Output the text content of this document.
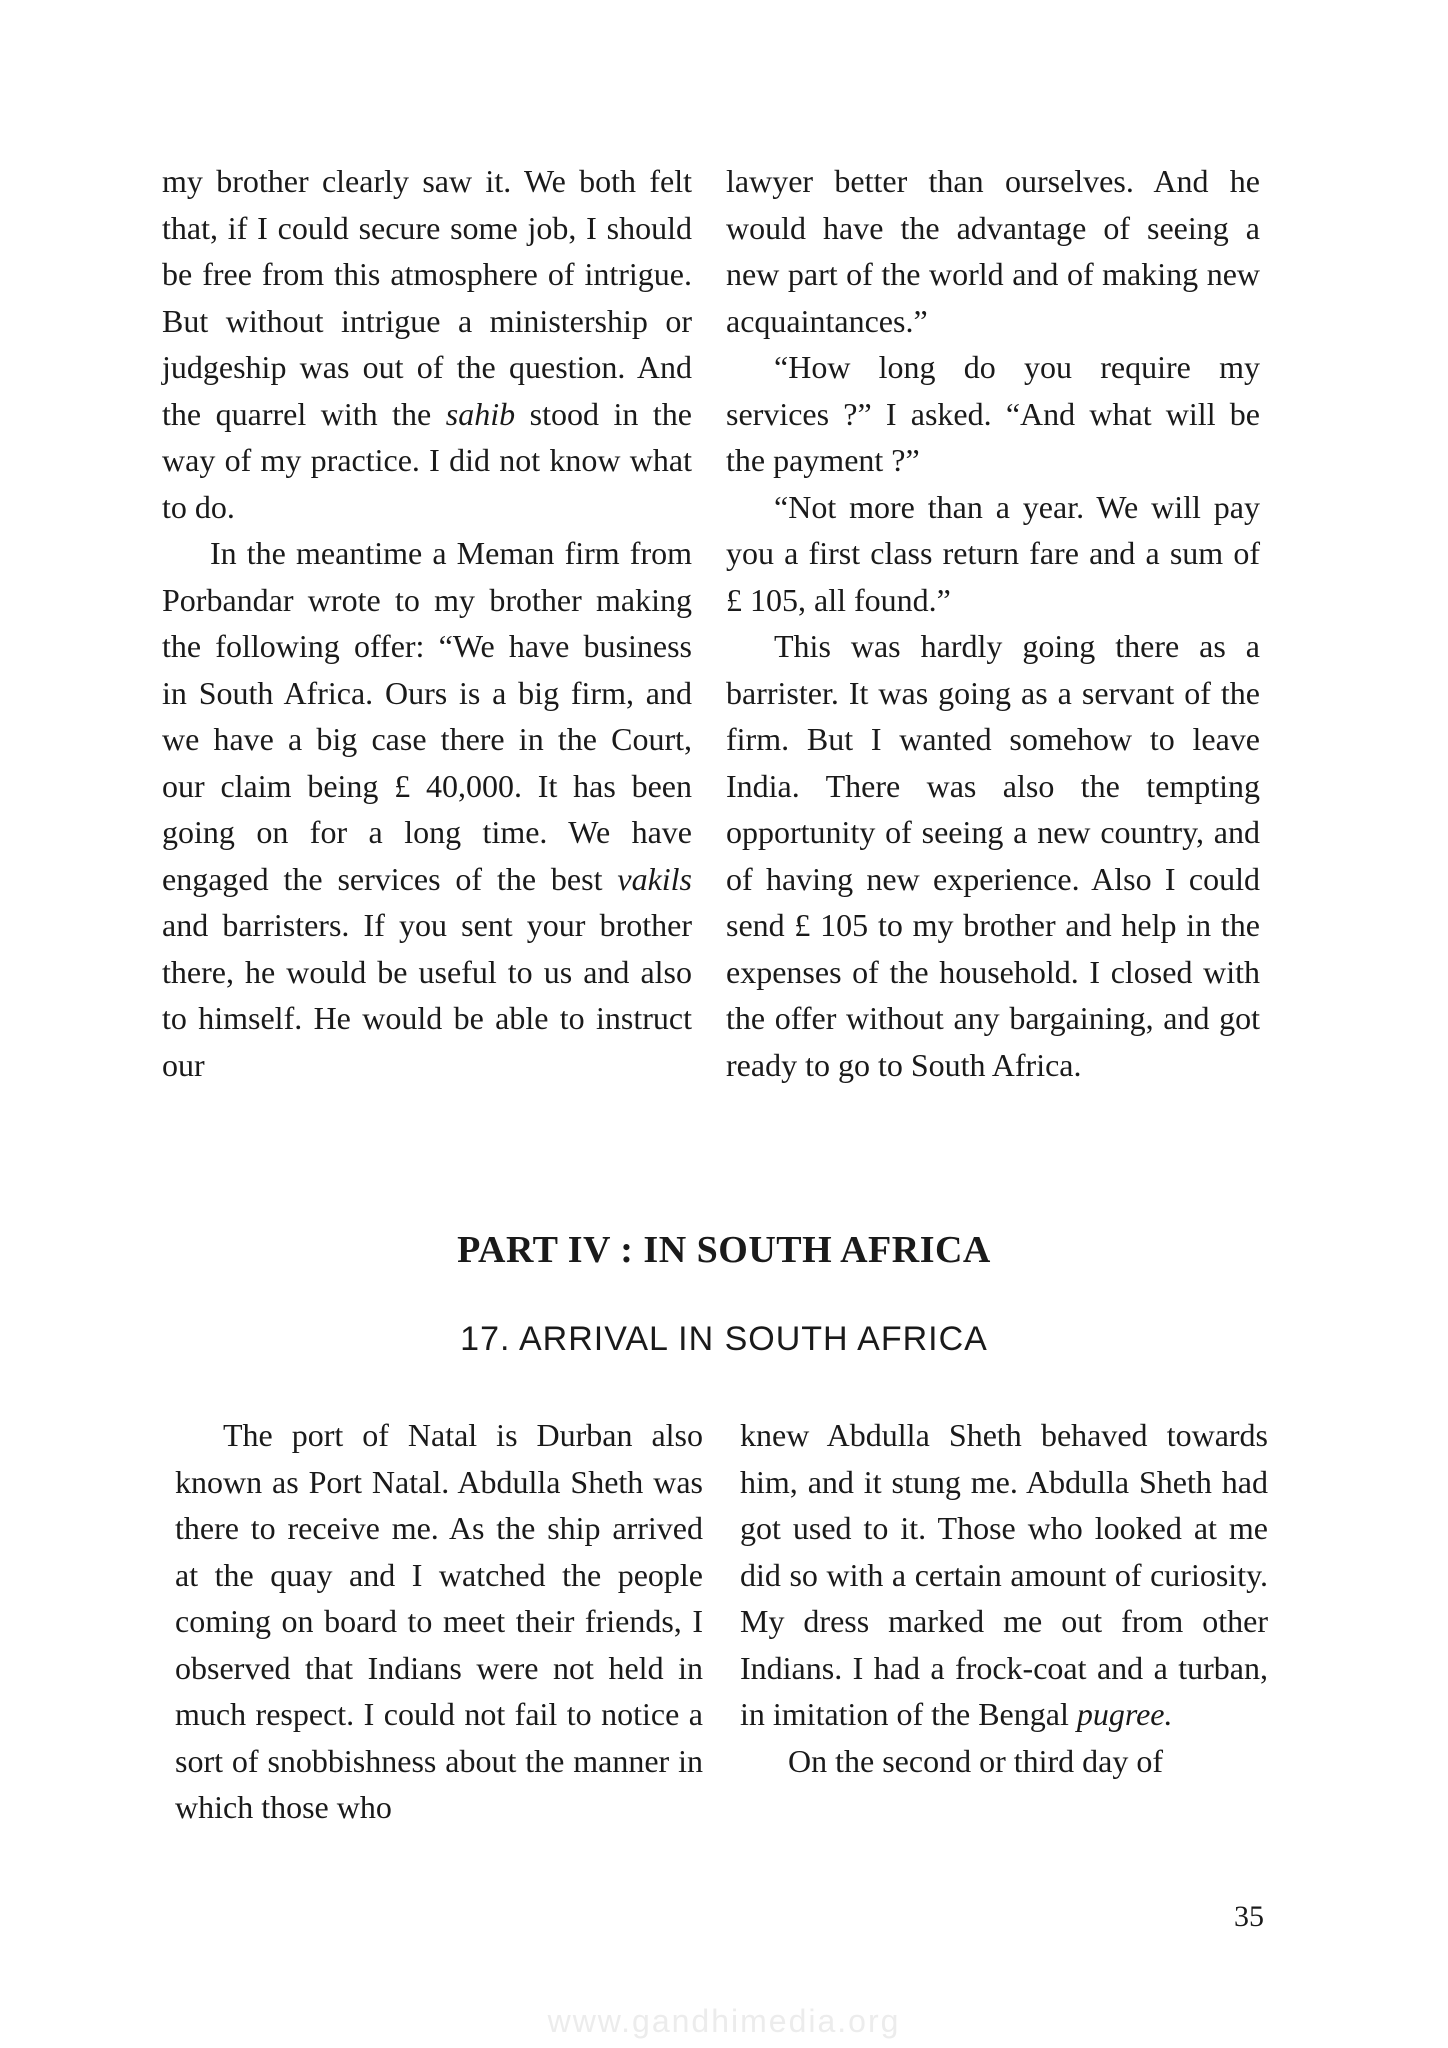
my brother clearly saw it. We both felt that, if I could secure some job, I should be free from this atmosphere of intrigue. But without intrigue a ministership or judgeship was out of the question. And the quarrel with the sahib stood in the way of my practice. I did not know what to do.

In the meantime a Meman firm from Porbandar wrote to my brother making the following offer: “We have business in South Africa. Ours is a big firm, and we have a big case there in the Court, our claim being £ 40,000. It has been going on for a long time. We have engaged the services of the best vakils and barristers. If you sent your brother there, he would be useful to us and also to himself. He would be able to instruct our

lawyer better than ourselves. And he would have the advantage of seeing a new part of the world and of making new acquaintances.”

“How long do you require my services ?” I asked. “And what will be the payment ?”

“Not more than a year. We will pay you a first class return fare and a sum of £ 105, all found.”

This was hardly going there as a barrister. It was going as a servant of the firm. But I wanted somehow to leave India. There was also the tempting opportunity of seeing a new country, and of having new experience. Also I could send £ 105 to my brother and help in the expenses of the household. I closed with the offer without any bargaining, and got ready to go to South Africa.

PART IV : IN SOUTH AFRICA
17. ARRIVAL IN SOUTH AFRICA

The port of Natal is Durban also known as Port Natal. Abdulla Sheth was there to receive me. As the ship arrived at the quay and I watched the people coming on board to meet their friends, I observed that Indians were not held in much respect. I could not fail to notice a sort of snobbishness about the manner in which those who

knew Abdulla Sheth behaved towards him, and it stung me. Abdulla Sheth had got used to it. Those who looked at me did so with a certain amount of curiosity. My dress marked me out from other Indians. I had a frock-coat and a turban, in imitation of the Bengal pugree.

On the second or third day of

35
www.gandhimedia.org
